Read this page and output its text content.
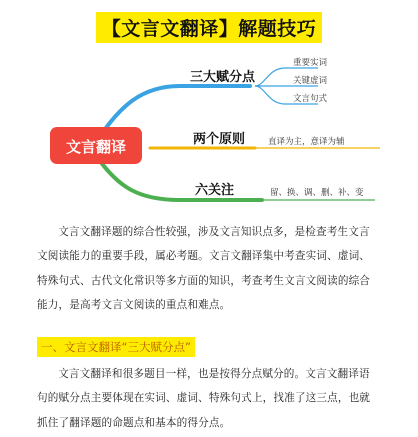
【文言文翻译】解题技巧
文言翻译
三大赋分点
两个原则
六关注
重要实词
关键虚词
文言句式
直译为主，意译为辅
留、换、调、删、补、变

文言文翻译题的综合性较强，涉及文言知识点多，是检查考生文言文阅读能力的重要手段，属必考题。文言文翻译集中考查实词、虚词、特殊句式、古代文化常识等多方面的知识，考查考生文言文阅读的综合能力，是高考文言文阅读的重点和难点。

一、文言文翻译“三大赋分点”

文言文翻译和很多题目一样，也是按得分点赋分的。文言文翻译语句的赋分点主要体现在实词、虚词、特殊句式上，找准了这三点，也就抓住了翻译题的命题点和基本的得分点。
